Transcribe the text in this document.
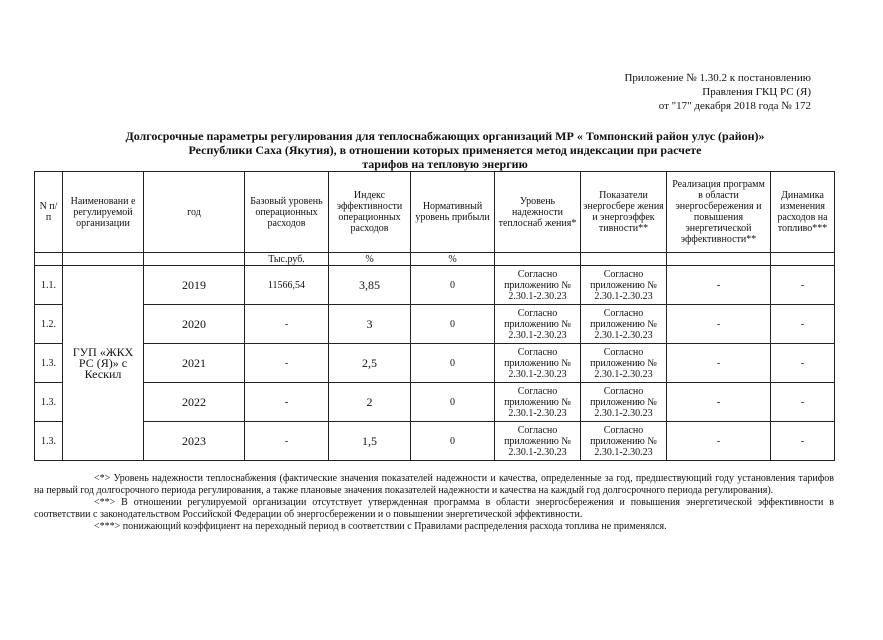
Приложение № 1.30.2 к постановлению
Правления ГКЦ РС (Я)
от "17" декабря 2018 года № 172
Долгосрочные параметры регулирования для теплоснабжающих организаций МР « Томпонский район улус (район)»
Республики Саха (Якутия), в отношении которых применяется метод индексации при расчете
тарифов на тепловую энергию
N п/п	Наименовани е регулируемой организации	год	Базовый уровень операционных расходов	Индекс эффективности операционных расходов	Нормативный уровень прибыли	Уровень надежности теплоснаб жения*	Показатели энергосбере жения и энергоэффек тивности**	Реализация программ в области энергосбережения и повышения энергетической эффективности**	Динамика изменения расходов на топливо***
			Тыс.руб.	%	%				
1.1.	ГУП «ЖКХ РС (Я)» с Кескил	2019	11566,54	3,85	0	Согласно приложению № 2.30.1-2.30.23	Согласно приложению № 2.30.1-2.30.23	-	-
1.2.		2020	-	3	0	Согласно приложению № 2.30.1-2.30.23	Согласно приложению № 2.30.1-2.30.23	-	-
1.3.		2021	-	2,5	0	Согласно приложению № 2.30.1-2.30.23	Согласно приложению № 2.30.1-2.30.23	-	-
1.3.		2022	-	2	0	Согласно приложению № 2.30.1-2.30.23	Согласно приложению № 2.30.1-2.30.23	-	-
1.3.		2023	-	1,5	0	Согласно приложению № 2.30.1-2.30.23	Согласно приложению № 2.30.1-2.30.23	-	-

<*> Уровень надежности теплоснабжения (фактические значения показателей надежности и качества, определенные за год, предшествующий году установления тарифов на первый год долгосрочного периода регулирования, а также плановые значения показателей надежности и качества на каждый год долгосрочного периода регулирования).

<**> В отношении регулируемой организации отсутствует утвержденная программа в области энергосбережения и повышения энергетической эффективности в соответствии с законодательством Российской Федерации об энергосбережении и о повышении энергетической эффективности.

<***> понижающий коэффициент на переходный период в соответствии с Правилами распределения расхода топлива не применялся.
